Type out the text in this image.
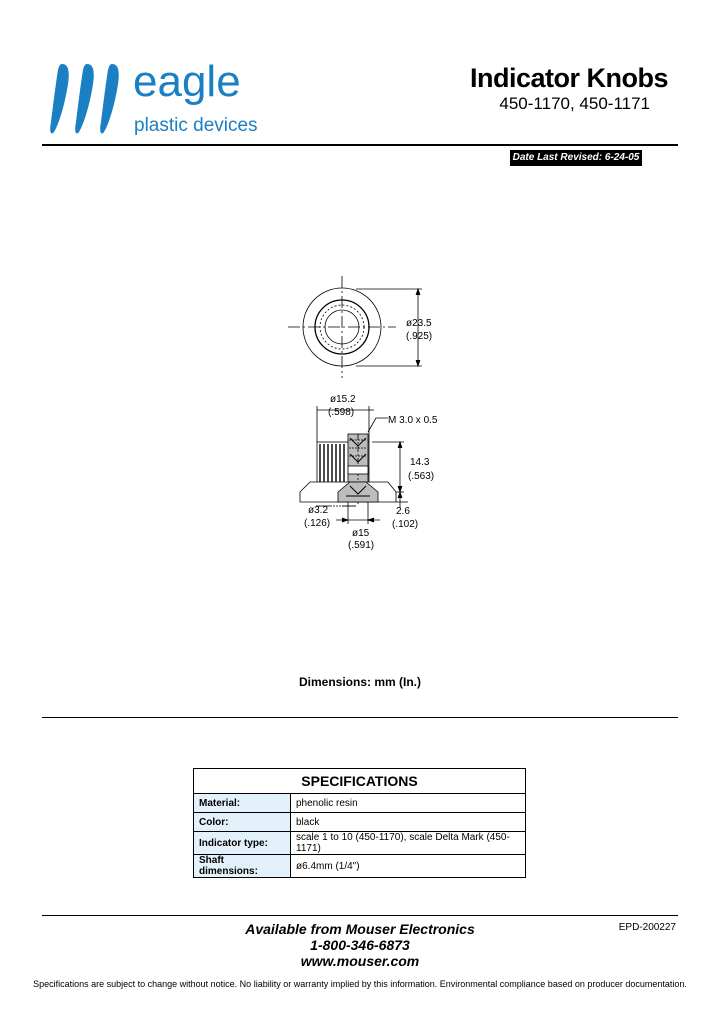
eagle
plastic devices
Indicator Knobs
450-1170, 450-1171
Date Last Revised: 6-24-05
ø23.5
(.925)
ø15.2
(.598)
M 3.0 x 0.5
14.3
(.563)
ø3.2
(.126)
ø15
(.591)
2.6
(.102)
Dimensions: mm (In.)
SPECIFICATIONS	
Material:	phenolic resin
Color:	black
Indicator type:	scale 1 to 10 (450-1170), scale Delta Mark (450-1171)
Shaft dimensions:	ø6.4mm (1/4")
Available from Mouser Electronics
1-800-346-6873
www.mouser.com
EPD-200227
Specifications are subject to change without notice. No liability or warranty implied by this information. Environmental compliance based on producer documentation.
